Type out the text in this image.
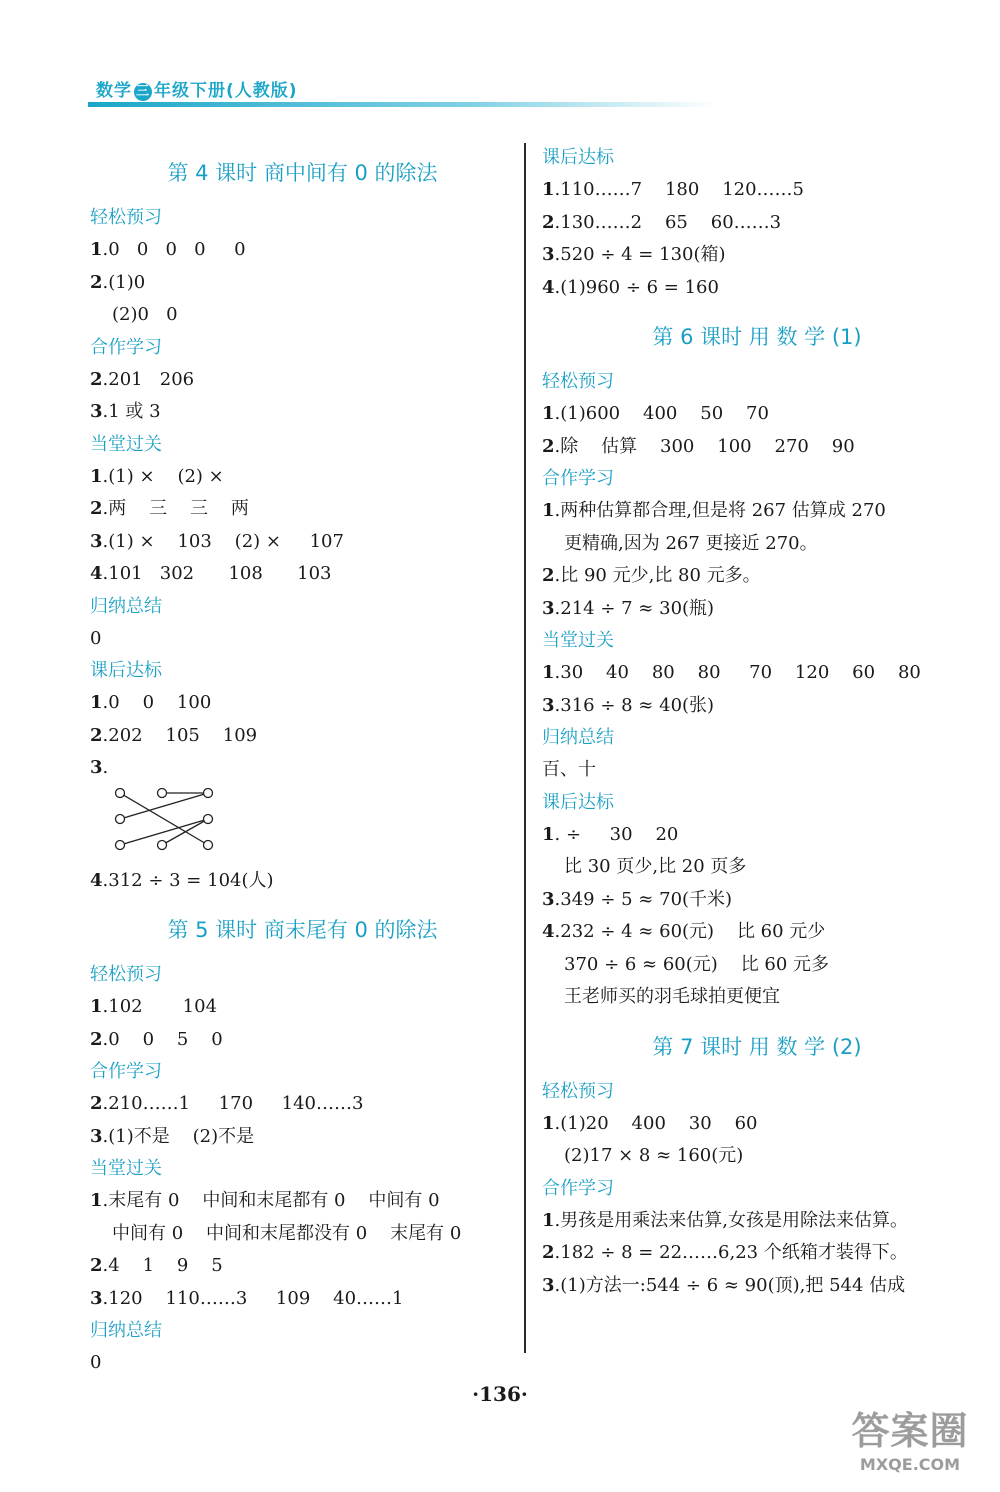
数学 三 年级下册(人教版)
第 4 课时 商中间有 0 的除法
轻松预习
1.0   0   0   0     0
2.(1)0
(2)0   0
合作学习
2.201   206
3.1 或 3
当堂过关
1.(1) ×    (2) ×
2.两    三    三    两
3.(1) ×    103    (2) ×     107
4.101   302      108      103
归纳总结
0
课后达标
1.0    0    100
2.202    105    109
3.
4.312 ÷ 3 = 104(人)
第 5 课时 商末尾有 0 的除法
轻松预习
1.102       104
2.0    0    5    0
合作学习
2.210……1     170     140……3
3.(1)不是    (2)不是
当堂过关
1.末尾有 0    中间和末尾都有 0    中间有 0
中间有 0    中间和末尾都没有 0    末尾有 0
2.4    1    9    5
3.120    110……3     109    40……1
归纳总结
0
课后达标
1.110……7    180    120……5
2.130……2    65    60……3
3.520 ÷ 4 = 130(箱)
4.(1)960 ÷ 6 = 160
第 6 课时 用 数 学 (1)
轻松预习
1.(1)600    400    50    70
2.除    估算    300    100    270    90
合作学习
1.两种估算都合理,但是将 267 估算成 270
更精确,因为 267 更接近 270。
2.比 90 元少,比 80 元多。
3.214 ÷ 7 ≈ 30(瓶)
当堂过关
1.30    40    80    80     70    120    60    80
3.316 ÷ 8 ≈ 40(张)
归纳总结
百、十
课后达标
1. ÷     30    20
比 30 页少,比 20 页多
3.349 ÷ 5 ≈ 70(千米)
4.232 ÷ 4 ≈ 60(元)    比 60 元少
370 ÷ 6 ≈ 60(元)    比 60 元多
王老师买的羽毛球拍更便宜
第 7 课时 用 数 学 (2)
轻松预习
1.(1)20    400    30    60
(2)17 × 8 ≈ 160(元)
合作学习
1.男孩是用乘法来估算,女孩是用除法来估算。
2.182 ÷ 8 = 22……6,23 个纸箱才装得下。
3.(1)方法一:544 ÷ 6 ≈ 90(顶),把 544 估成
·136·
答案圈
MXQE.COM
